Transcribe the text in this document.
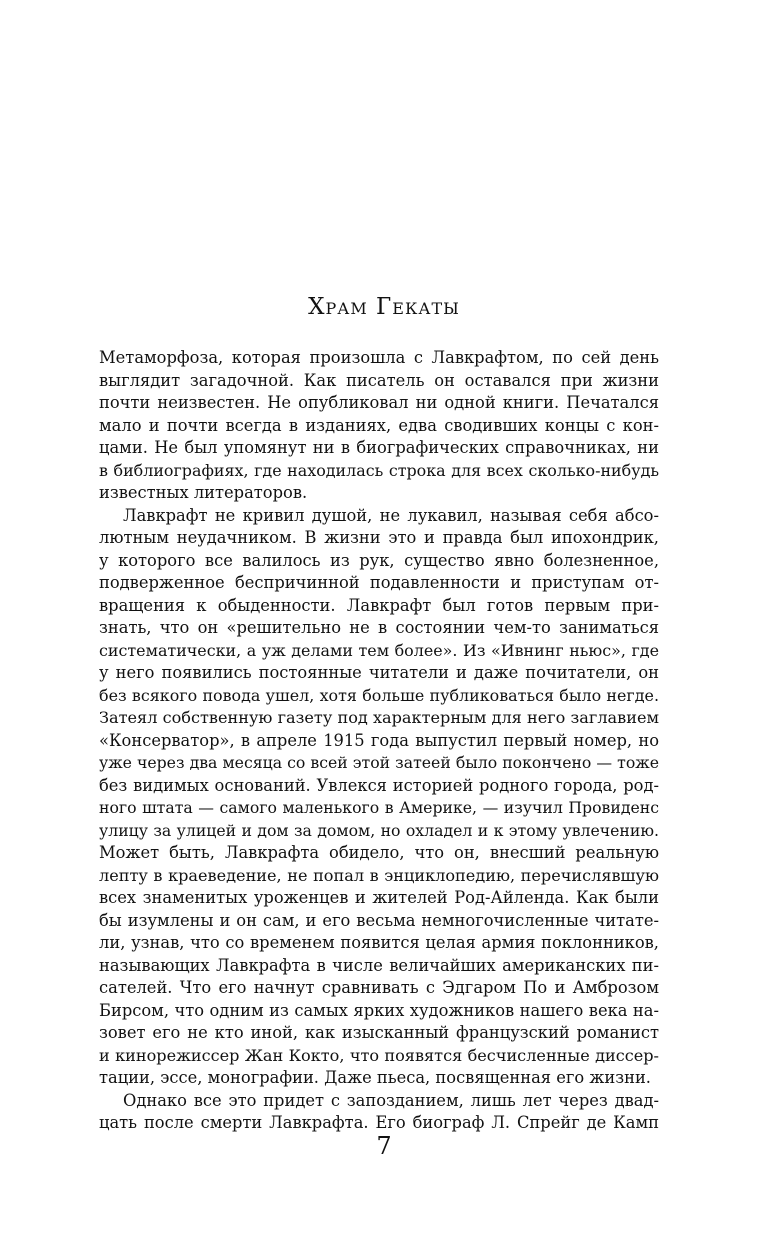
Храм Гекаты
Метаморфоза, которая произошла с Лавкрафтом, по сей день
выглядит загадочной. Как писатель он оставался при жизни
почти неизвестен. Не опубликовал ни одной книги. Печатался
мало и почти всегда в изданиях, едва сводивших концы с кон-
цами. Не был упомянут ни в биографических справочниках, ни
в библиографиях, где находилась строка для всех сколько-нибудь
известных литераторов.
Лавкрафт не кривил душой, не лукавил, называя себя абсо-
лютным неудачником. В жизни это и правда был ипохондрик,
у которого все валилось из рук, существо явно болезненное,
подверженное беспричинной подавленности и приступам от-
вращения к обыденности. Лавкрафт был готов первым при-
знать, что он «решительно не в состоянии чем-то заниматься
систематически, а уж делами тем более». Из «Ивнинг ньюс», где
у него появились постоянные читатели и даже почитатели, он
без всякого повода ушел, хотя больше публиковаться было негде.
Затеял собственную газету под характерным для него заглавием
«Консерватор», в апреле 1915 года выпустил первый номер, но
уже через два месяца со всей этой затеей было покончено — тоже
без видимых оснований. Увлекся историей родного города, род-
ного штата — самого маленького в Америке, — изучил Провиденс
улицу за улицей и дом за домом, но охладел и к этому увлечению.
Может быть, Лавкрафта обидело, что он, внесший реальную
лепту в краеведение, не попал в энциклопедию, перечислявшую
всех знаменитых уроженцев и жителей Род-Айленда. Как были
бы изумлены и он сам, и его весьма немногочисленные читате-
ли, узнав, что со временем появится целая армия поклонников,
называющих Лавкрафта в числе величайших американских пи-
сателей. Что его начнут сравнивать с Эдгаром По и Амброзом
Бирсом, что одним из самых ярких художников нашего века на-
зовет его не кто иной, как изысканный французский романист
и кинорежиссер Жан Кокто, что появятся бесчисленные диссер-
тации, эссе, монографии. Даже пьеса, посвященная его жизни.
Однако все это придет с запозданием, лишь лет через двад-
цать после смерти Лавкрафта. Его биограф Л. Спрейг де Камп
7
